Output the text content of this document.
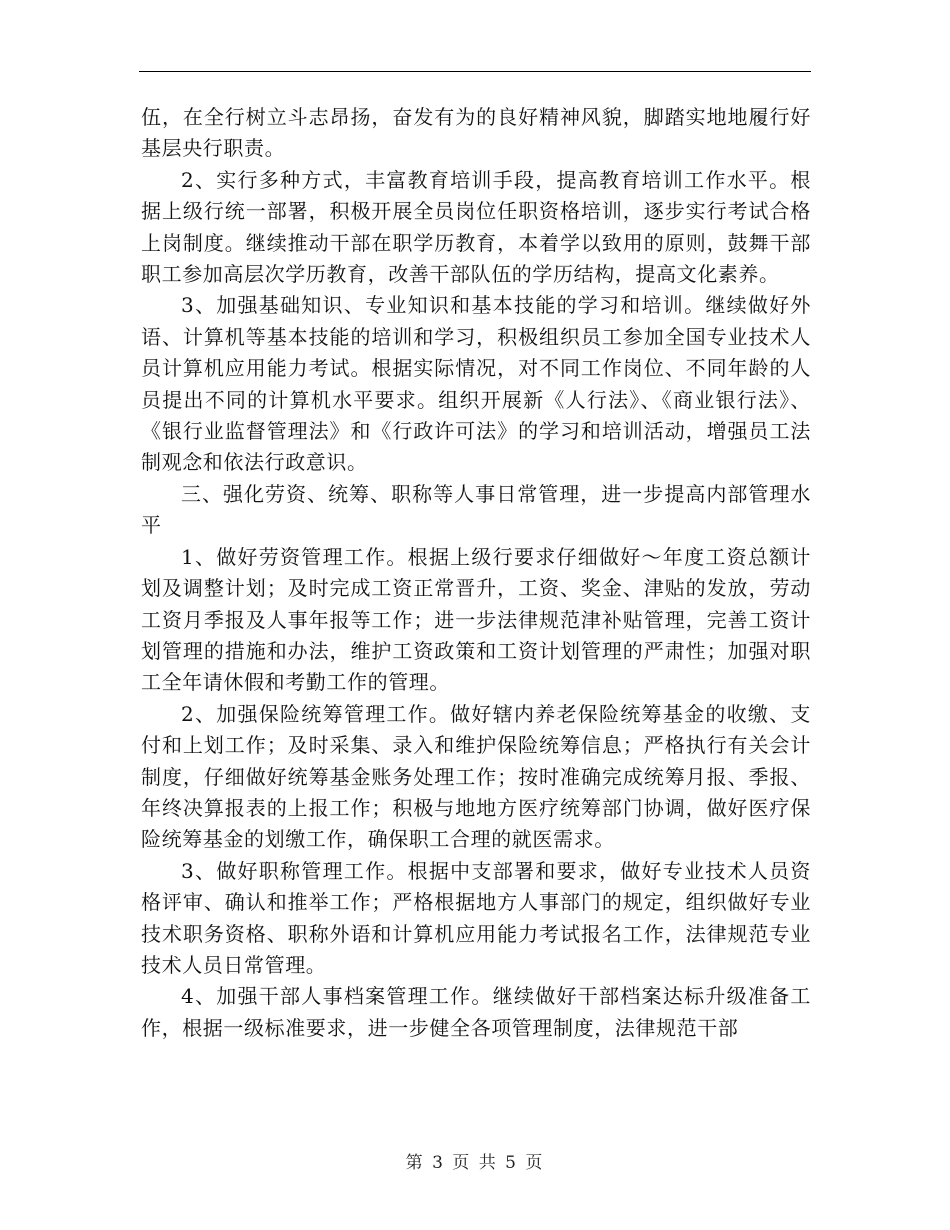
伍，在全行树立斗志昂扬，奋发有为的良好精神风貌，脚踏实地地履行好基层央行职责。

2、实行多种方式，丰富教育培训手段，提高教育培训工作水平。根据上级行统一部署，积极开展全员岗位任职资格培训，逐步实行考试合格上岗制度。继续推动干部在职学历教育，本着学以致用的原则，鼓舞干部职工参加高层次学历教育，改善干部队伍的学历结构，提高文化素养。

3、加强基础知识、专业知识和基本技能的学习和培训。继续做好外语、计算机等基本技能的培训和学习，积极组织员工参加全国专业技术人员计算机应用能力考试。根据实际情况，对不同工作岗位、不同年龄的人员提出不同的计算机水平要求。组织开展新《人行法》、《商业银行法》、《银行业监督管理法》和《行政许可法》的学习和培训活动，增强员工法制观念和依法行政意识。

三、强化劳资、统筹、职称等人事日常管理，进一步提高内部管理水平

1、做好劳资管理工作。根据上级行要求仔细做好～年度工资总额计划及调整计划；及时完成工资正常晋升，工资、奖金、津贴的发放，劳动工资月季报及人事年报等工作；进一步法律规范津补贴管理，完善工资计划管理的措施和办法，维护工资政策和工资计划管理的严肃性；加强对职工全年请休假和考勤工作的管理。

2、加强保险统筹管理工作。做好辖内养老保险统筹基金的收缴、支付和上划工作；及时采集、录入和维护保险统筹信息；严格执行有关会计制度，仔细做好统筹基金账务处理工作；按时准确完成统筹月报、季报、年终决算报表的上报工作；积极与地地方医疗统筹部门协调，做好医疗保险统筹基金的划缴工作，确保职工合理的就医需求。

3、做好职称管理工作。根据中支部署和要求，做好专业技术人员资格评审、确认和推举工作；严格根据地方人事部门的规定，组织做好专业技术职务资格、职称外语和计算机应用能力考试报名工作，法律规范专业技术人员日常管理。

4、加强干部人事档案管理工作。继续做好干部档案达标升级准备工作，根据一级标准要求，进一步健全各项管理制度，法律规范干部

第 3 页 共 5 页
